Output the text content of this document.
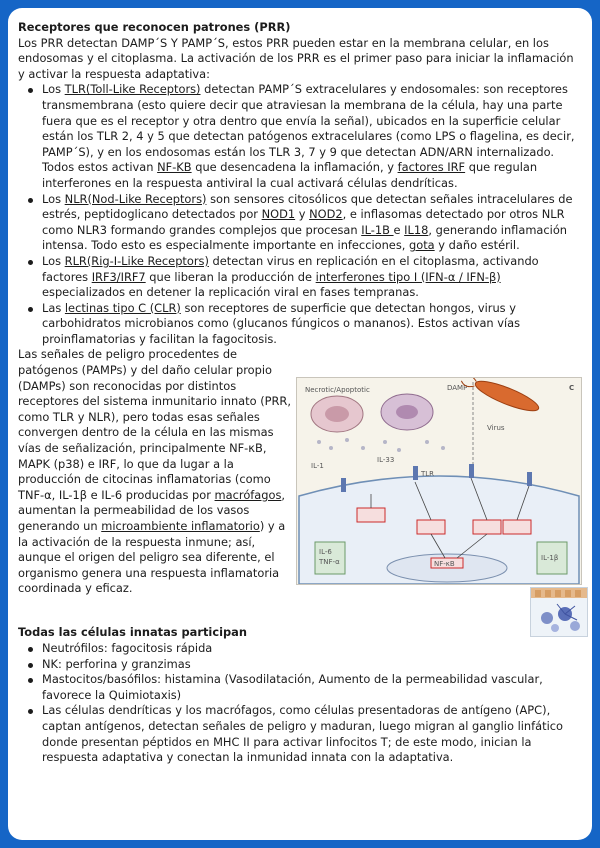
Receptores que reconocen patrones (PRR)

Los PRR detectan DAMP´S Y PAMP´S, estos PRR pueden estar en la membrana celular, en los endosomas y el citoplasma. La activación de los PRR es el primer paso para iniciar la inflamación y activar la respuesta adaptativa:

Los TLR(Toll-Like Receptors) detectan PAMP´S extracelulares y endosomales: son receptores transmembrana (esto quiere decir que atraviesan la membrana de la célula, hay una parte fuera que es el receptor y otra dentro que envía la señal), ubicados en la superficie celular están los TLR 2, 4 y 5 que detectan patógenos extracelulares (como LPS o flagelina, es decir, PAMP´S), y en los endosomas están los TLR 3, 7 y 9 que detectan ADN/ARN internalizado. Todos estos activan NF-KB que desencadena la inflamación, y factores IRF que regulan interferones en la respuesta antiviral la cual activará células dendríticas.
Los NLR(Nod-Like Receptors) son sensores citosólicos que detectan señales intracelulares de estrés, peptidoglicano detectados por NOD1 y NOD2, e inflasomas detectado por otros NLR como NLR3 formando grandes complejos que procesan IL-1B e IL18, generando inflamación intensa. Todo esto es especialmente importante en infecciones, gota y daño estéril.
Los RLR(Rig-I-Like Receptors) detectan virus en replicación en el citoplasma, activando factores IRF3/IRF7 que liberan la producción de interferones tipo I (IFN-α / IFN-β) especializados en detener la replicación viral en fases tempranas.
Las lectinas tipo C (CLR) son receptores de superficie que detectan hongos, virus y carbohidratos microbianos como (glucanos fúngicos o mananos). Estos activan vías proinflamatorias y facilitan la fagocitosis.

Las señales de peligro procedentes de patógenos (PAMPs) y del daño celular propio (DAMPs) son reconocidas por distintos receptores del sistema inmunitario innato (PRR, como TLR y NLR), pero todas esas señales convergen dentro de la célula en las mismas vías de señalización, principalmente NF-κB, MAPK (p38) e IRF, lo que da lugar a la producción de citocinas inflamatorias (como TNF-α, IL-1β e IL-6 producidas por macrófagos, aumentan la permeabilidad de los vasos generando un microambiente inflamatorio) y a la activación de la respuesta inmune; así, aunque el origen del peligro sea diferente, el organismo genera una respuesta inflamatoria coordinada y eficaz.

DAMP	C
Necrotic/Apoptotic
IL-33
IL-1
Virus
TLR
NF-κB
IL-6
TNF-α	IL-1β

Todas las células innatas participan

Neutrófilos: fagocitosis rápida
NK: perforina y granzimas
Mastocitos/basófilos: histamina (Vasodilatación, Aumento de la permeabilidad vascular, favorece la Quimiotaxis)
Las células dendríticas y los macrófagos, como células presentadoras de antígeno (APC), captan antígenos, detectan señales de peligro y maduran, luego migran al ganglio linfático donde presentan péptidos en MHC II para activar linfocitos T; de este modo, inician la respuesta adaptativa y conectan la inmunidad innata con la adaptativa.
